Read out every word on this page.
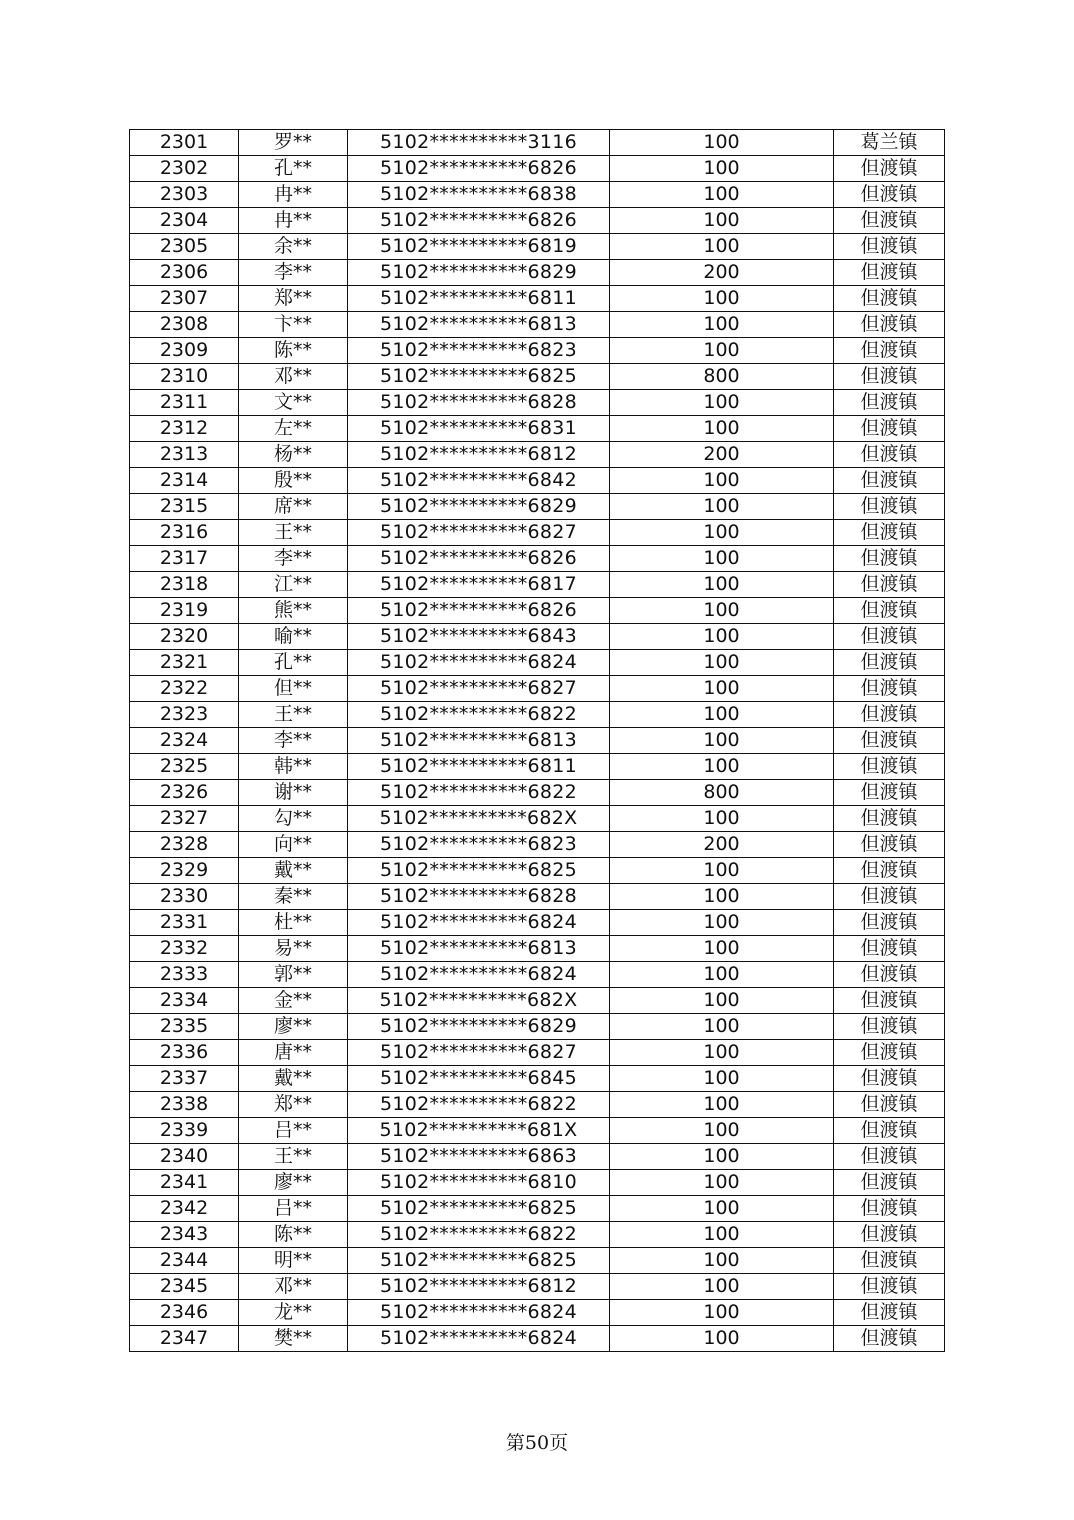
2301	罗**	5102**********3116	100	葛兰镇
2302	孔**	5102**********6826	100	但渡镇
2303	冉**	5102**********6838	100	但渡镇
2304	冉**	5102**********6826	100	但渡镇
2305	余**	5102**********6819	100	但渡镇
2306	李**	5102**********6829	200	但渡镇
2307	郑**	5102**********6811	100	但渡镇
2308	卞**	5102**********6813	100	但渡镇
2309	陈**	5102**********6823	100	但渡镇
2310	邓**	5102**********6825	800	但渡镇
2311	文**	5102**********6828	100	但渡镇
2312	左**	5102**********6831	100	但渡镇
2313	杨**	5102**********6812	200	但渡镇
2314	殷**	5102**********6842	100	但渡镇
2315	席**	5102**********6829	100	但渡镇
2316	王**	5102**********6827	100	但渡镇
2317	李**	5102**********6826	100	但渡镇
2318	江**	5102**********6817	100	但渡镇
2319	熊**	5102**********6826	100	但渡镇
2320	喻**	5102**********6843	100	但渡镇
2321	孔**	5102**********6824	100	但渡镇
2322	但**	5102**********6827	100	但渡镇
2323	王**	5102**********6822	100	但渡镇
2324	李**	5102**********6813	100	但渡镇
2325	韩**	5102**********6811	100	但渡镇
2326	谢**	5102**********6822	800	但渡镇
2327	勾**	5102**********682X	100	但渡镇
2328	向**	5102**********6823	200	但渡镇
2329	戴**	5102**********6825	100	但渡镇
2330	秦**	5102**********6828	100	但渡镇
2331	杜**	5102**********6824	100	但渡镇
2332	易**	5102**********6813	100	但渡镇
2333	郭**	5102**********6824	100	但渡镇
2334	金**	5102**********682X	100	但渡镇
2335	廖**	5102**********6829	100	但渡镇
2336	唐**	5102**********6827	100	但渡镇
2337	戴**	5102**********6845	100	但渡镇
2338	郑**	5102**********6822	100	但渡镇
2339	吕**	5102**********681X	100	但渡镇
2340	王**	5102**********6863	100	但渡镇
2341	廖**	5102**********6810	100	但渡镇
2342	吕**	5102**********6825	100	但渡镇
2343	陈**	5102**********6822	100	但渡镇
2344	明**	5102**********6825	100	但渡镇
2345	邓**	5102**********6812	100	但渡镇
2346	龙**	5102**********6824	100	但渡镇
2347	樊**	5102**********6824	100	但渡镇
第50页
